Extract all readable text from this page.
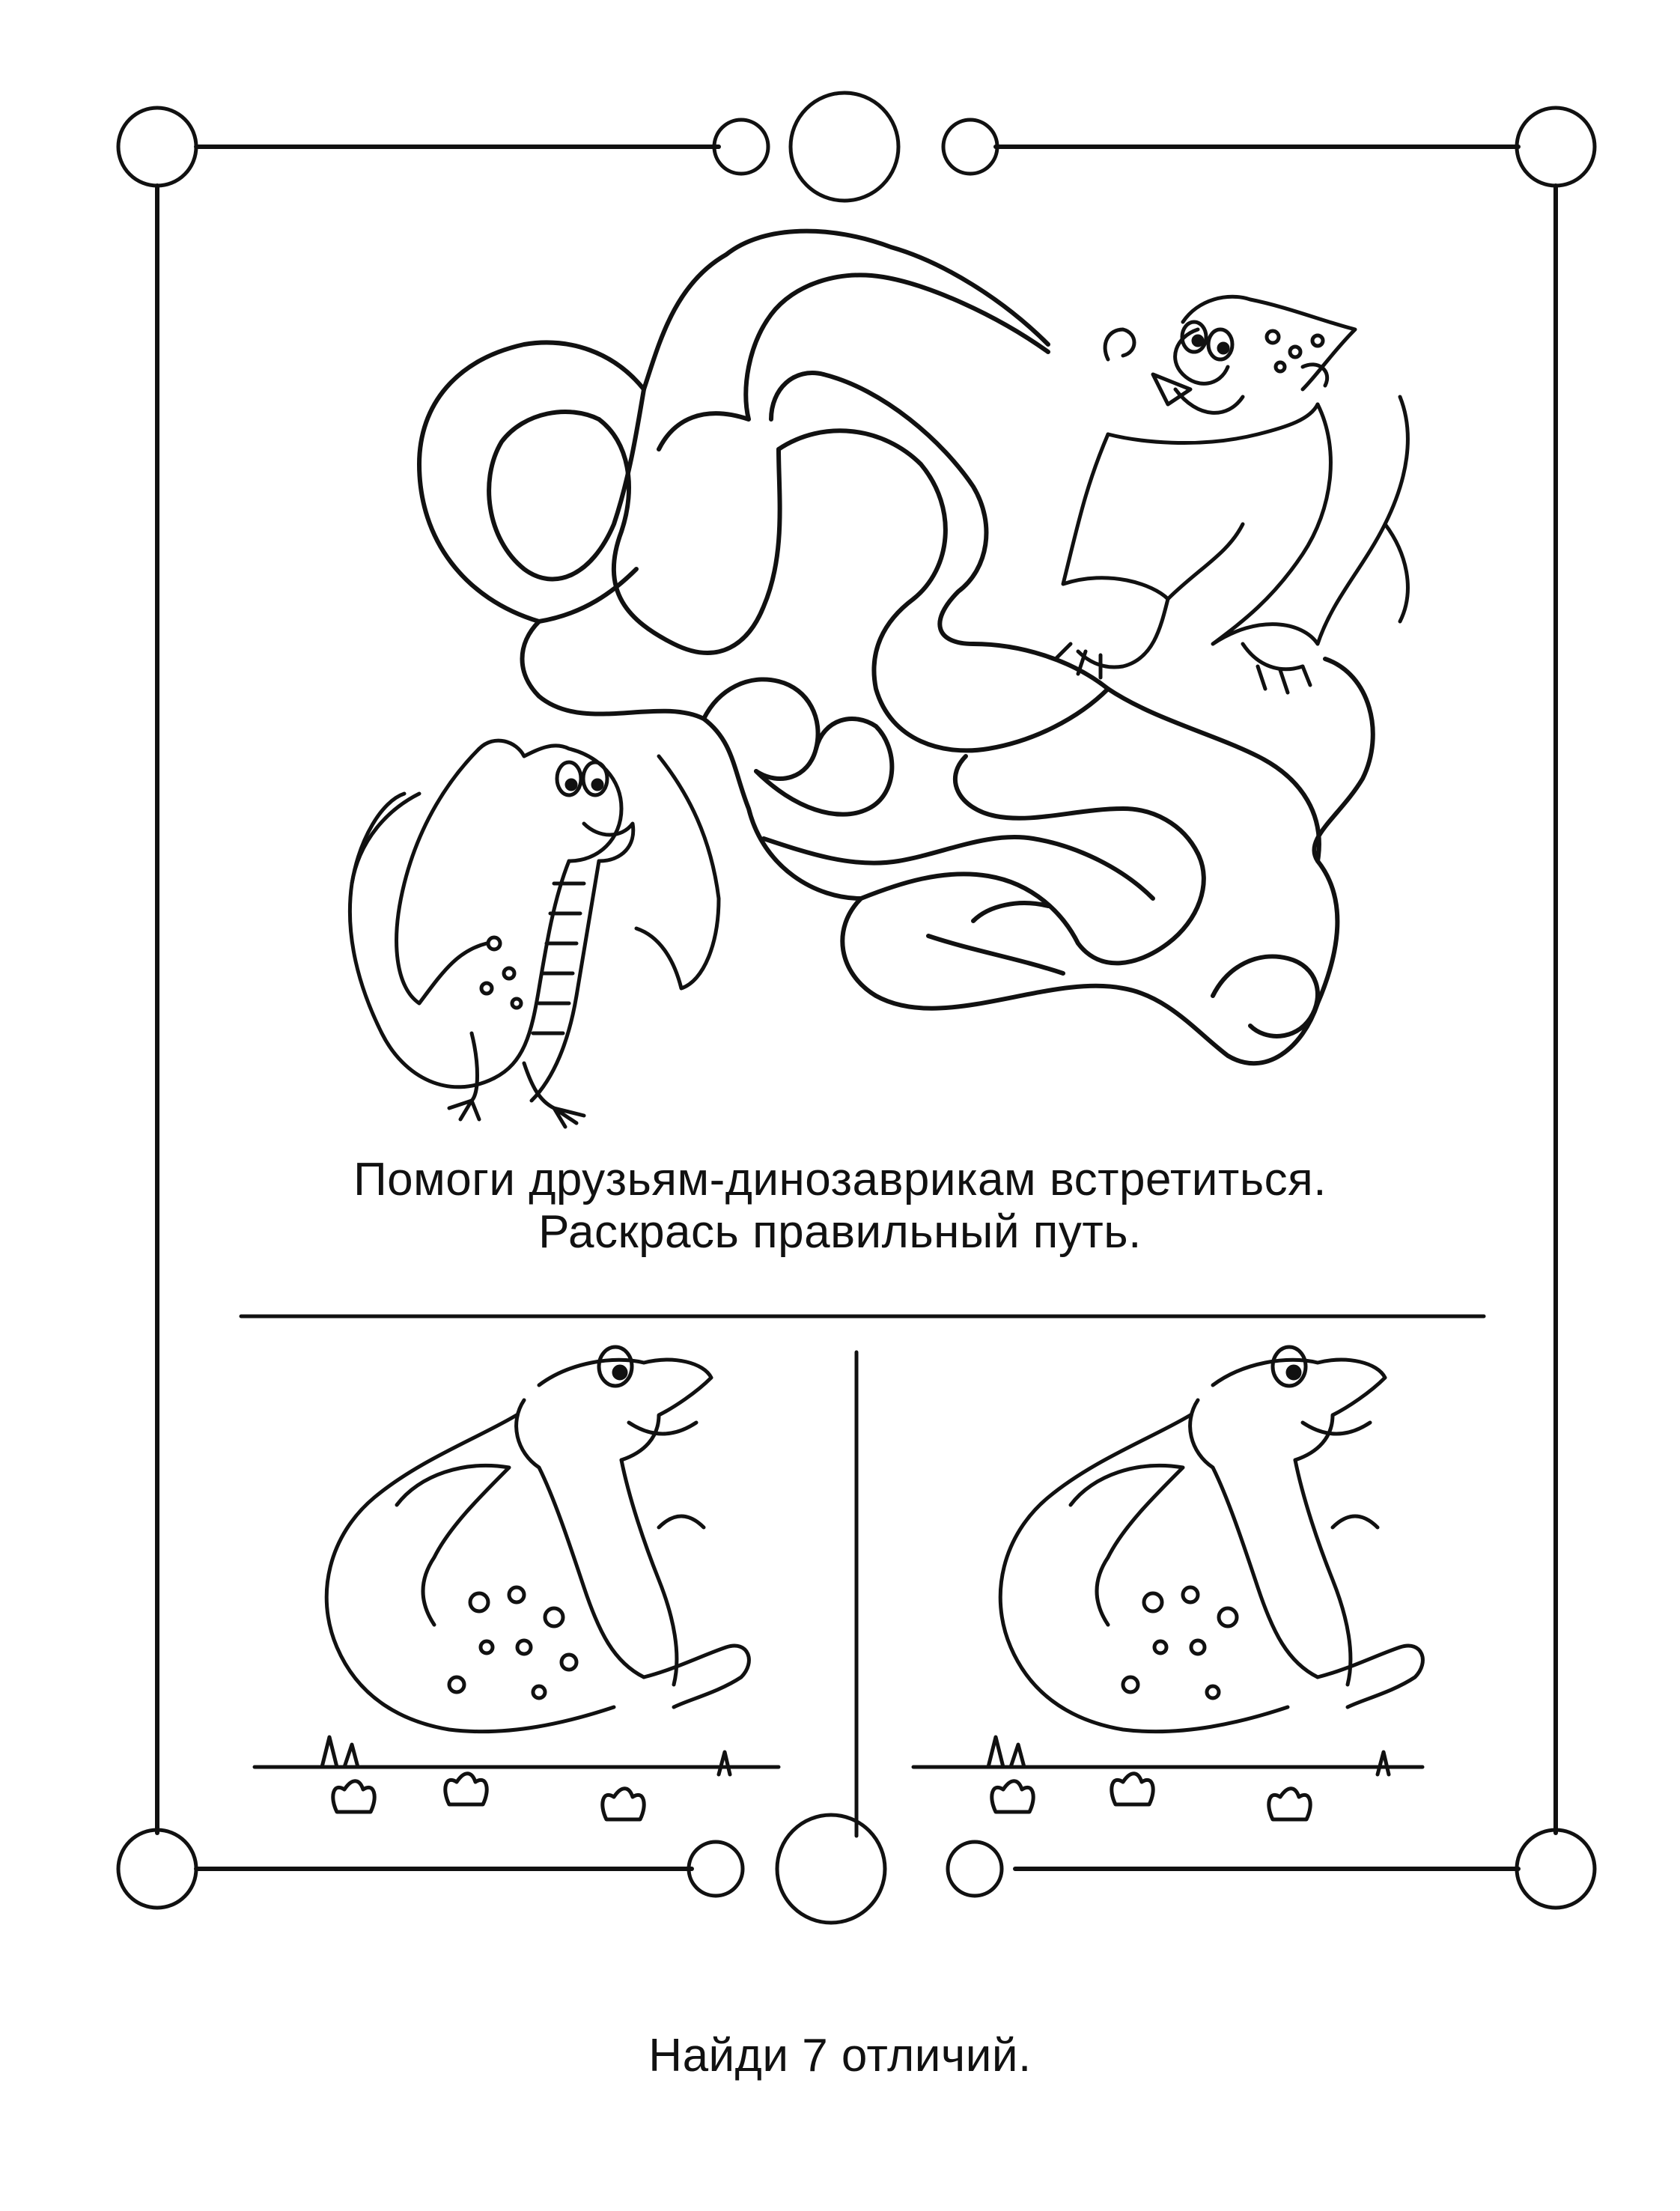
Помоги друзьям-динозаврикам встретиться.
Раскрась правильный путь.
Найди 7 отличий.
